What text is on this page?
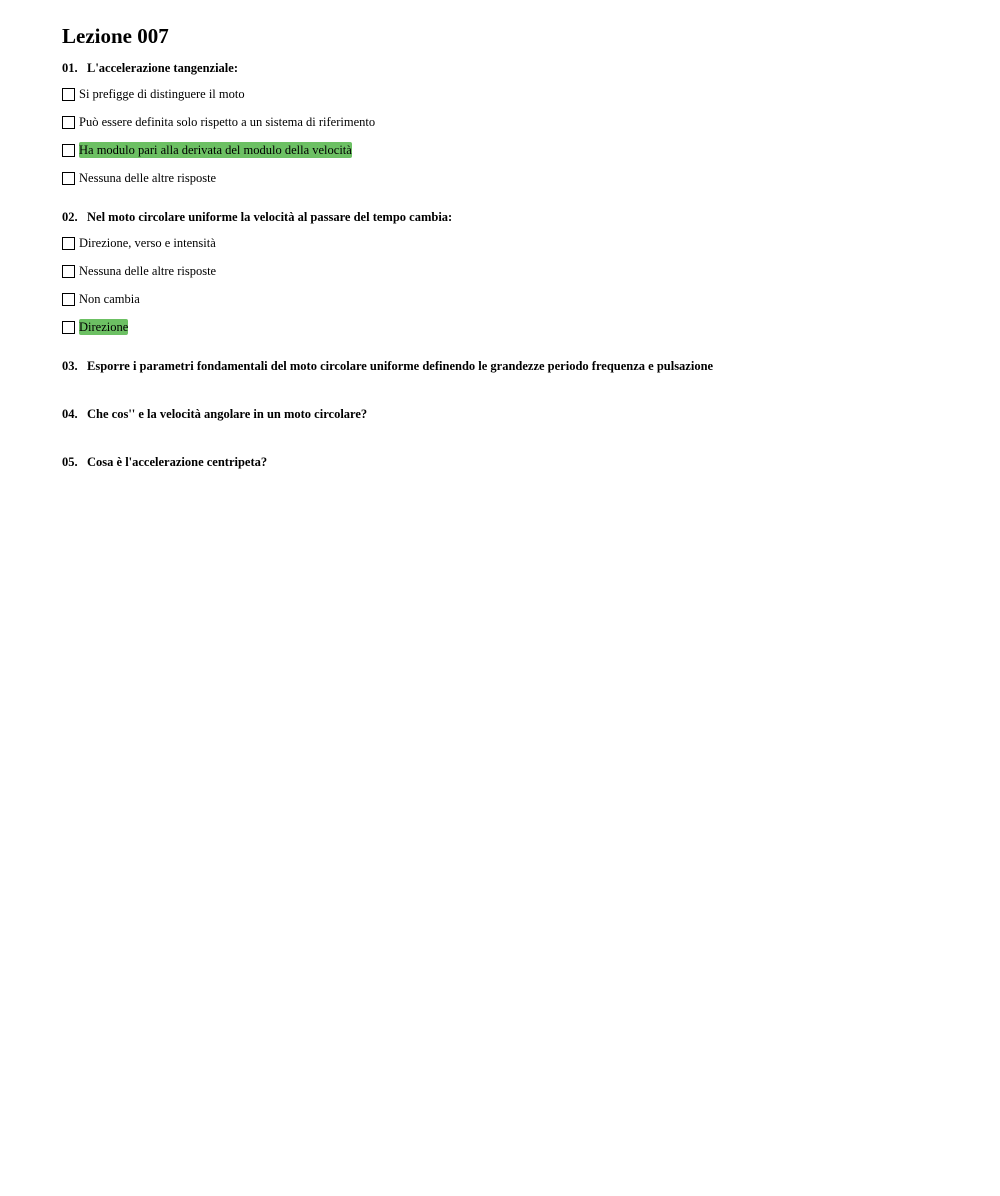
Lezione 007
01. L'accelerazione tangenziale:
Si prefigge di distinguere il moto
Può essere definita solo rispetto a un sistema di riferimento
Ha modulo pari alla derivata del modulo della velocità
Nessuna delle altre risposte
02. Nel moto circolare uniforme la velocità al passare del tempo cambia:
Direzione, verso e intensità
Nessuna delle altre risposte
Non cambia
Direzione
03. Esporre i parametri fondamentali del moto circolare uniforme definendo le grandezze periodo frequenza e pulsazione
04. Che cos'' e la velocità angolare in un moto circolare?
05. Cosa è l'accelerazione centripeta?
